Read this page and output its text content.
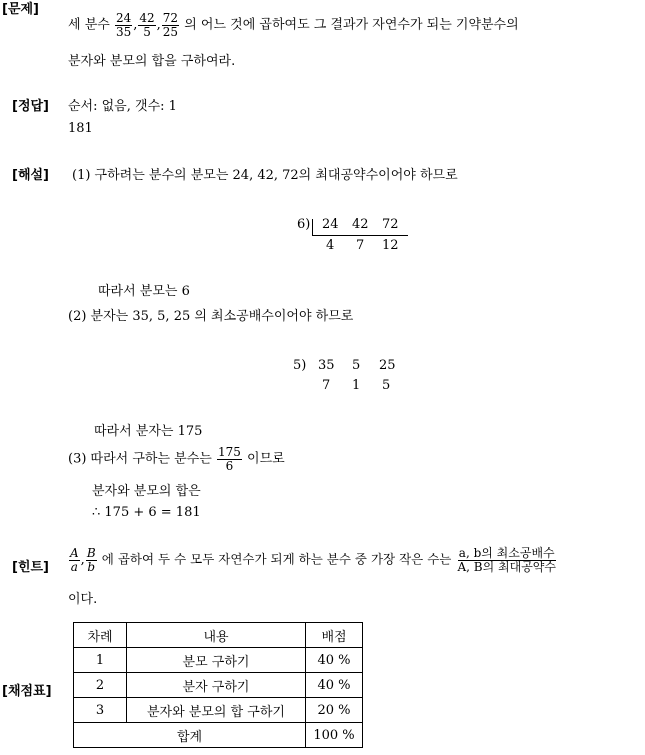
[문제]
세 분수 $\frac{24}{35}$ , $\frac{42}{5}$ , $\frac{72}{25}$ 의 어느 것에 곱하여도 그 결과가 자연수가 되는 기약분수의
분자와 분모의 합을 구하여라.
[정답] 순서: 없음, 갯수: 1
181
[해설] (1) 구하려는 분수의 분모는 24, 42, 72의 최대공약수이어야 하므로
6) 24 42 72
4 7 12
따라서 분모는 6
(2) 분자는 35, 5, 25 의 최소공배수이어야 하므로
5) 35 5 25
7 1 5
따라서 분자는 175
(3) 따라서 구하는 분수는 $\frac{175}{6}$ 이므로
분자와 분모의 합은
∴ 175 + 6 = 181
[힌트] $\frac{A}{a}$ , $\frac{B}{b}$ 에 곱하여 두 수 모두 자연수가 되게 하는 분수 중 가장 작은 수는 $\frac{\text{a, b의 최소공배수}}{\text{A, B의 최대공약수}}$
이다.
[채점표]
차례	내용	배점
1	분모 구하기	40 %
2	분자 구하기	40 %
3	분자와 분모의 합 구하기	20 %
합계		100 %
